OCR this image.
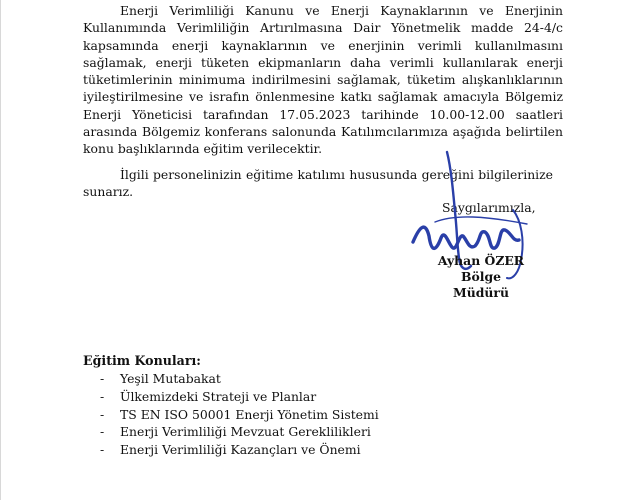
Enerji Verimliliği Kanunu ve Enerji Kaynaklarının ve Enerjinin Kullanımında Verimliliğin Artırılmasına Dair Yönetmelik madde 24-4/c kapsamında enerji kaynaklarının ve enerjinin verimli kullanılmasını sağlamak, enerji tüketen ekipmanların daha verimli kullanılarak enerji tüketimlerinin minimuma indirilmesini sağlamak, tüketim alışkanlıklarının iyileştirilmesine ve israfın önlenmesine katkı sağlamak amacıyla Bölgemiz Enerji Yöneticisi tarafından 17.05.2023 tarihinde 10.00-12.00 saatleri arasında Bölgemiz konferans salonunda Katılımcılarımıza aşağıda belirtilen konu başlıklarında eğitim verilecektir.

İlgili personelinizin eğitime katılımı hususunda gereğini bilgilerinize sunarız.

Saygılarımızla,
Ayhan ÖZER
Bölge Müdürü
Eğitim Konuları:
- Yeşil Mutabakat
- Ülkemizdeki Strateji ve Planlar
- TS EN ISO 50001 Enerji Yönetim Sistemi
- Enerji Verimliliği Mevzuat Gereklilikleri
- Enerji Verimliliği Kazançları ve Önemi
